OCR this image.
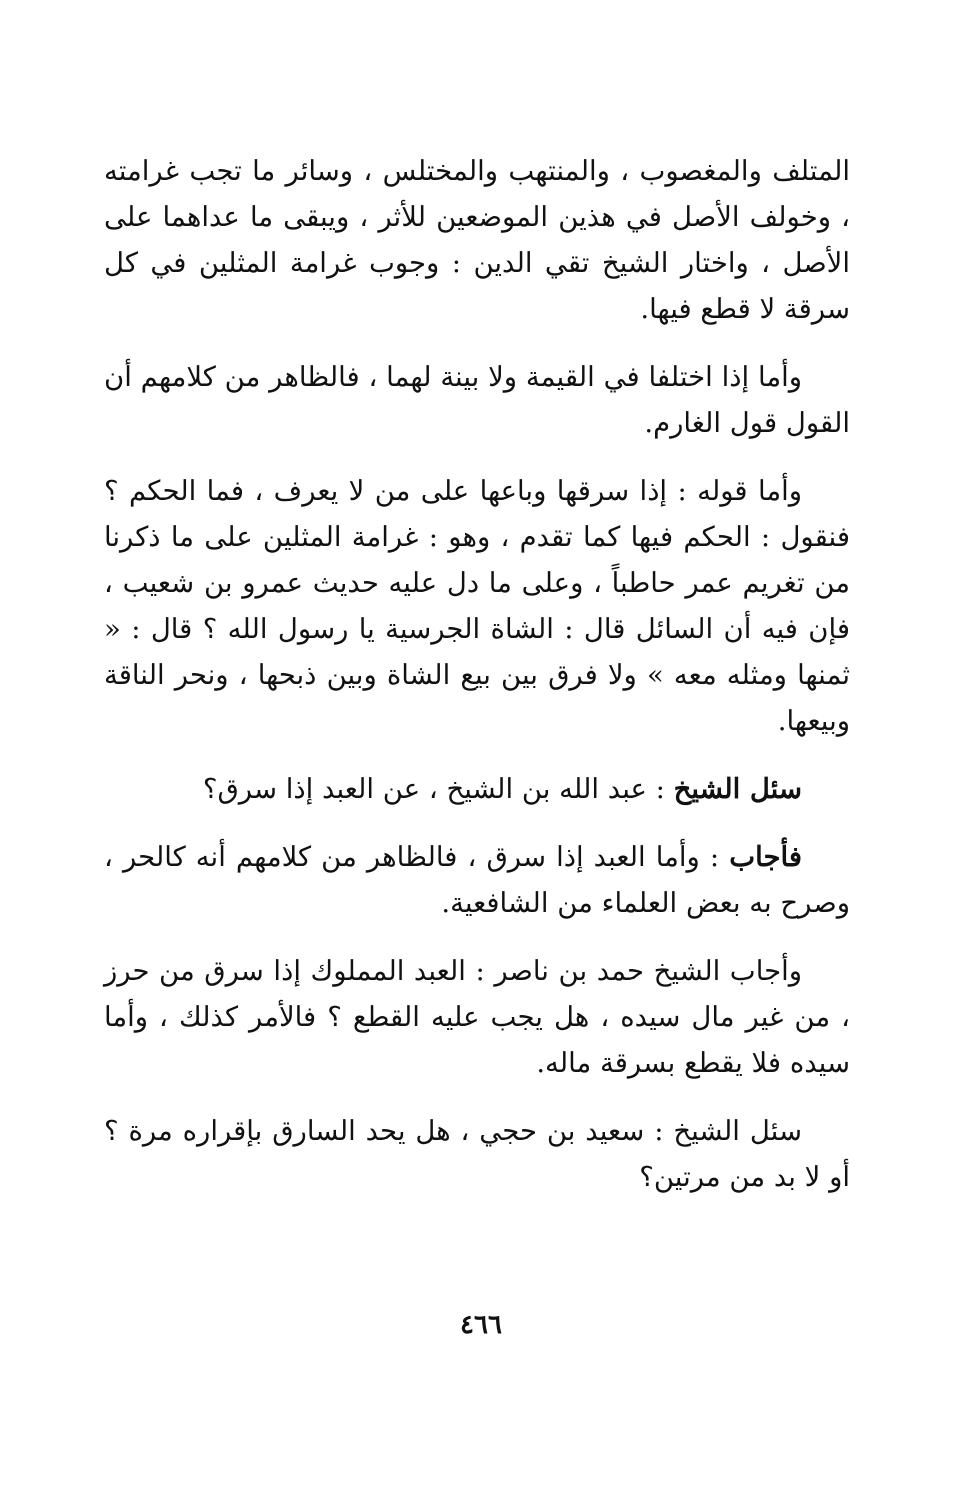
المتلف والمغصوب ، والمنتهب والمختلس ، وسائر ما تجب غرامته ، وخولف الأصل في هذين الموضعين للأثر ، ويبقى ما عداهما على الأصل ، واختار الشيخ تقي الدين : وجوب غرامة المثلين في كل سرقة لا قطع فيها.

وأما إذا اختلفا في القيمة ولا بينة لهما ، فالظاهر من كلامهم أن القول قول الغارم.

وأما قوله : إذا سرقها وباعها على من لا يعرف ، فما الحكم ؟ فنقول : الحكم فيها كما تقدم ، وهو : غرامة المثلين على ما ذكرنا من تغريم عمر حاطباً ، وعلى ما دل عليه حديث عمرو بن شعيب ، فإن فيه أن السائل قال : الشاة الجرسية يا رسول الله ؟ قال : « ثمنها ومثله معه » ولا فرق بين بيع الشاة وبين ذبحها ، ونحر الناقة وبيعها.

سئل الشيخ : عبد الله بن الشيخ ، عن العبد إذا سرق؟

فأجاب : وأما العبد إذا سرق ، فالظاهر من كلامهم أنه كالحر ، وصرح به بعض العلماء من الشافعية.

وأجاب الشيخ حمد بن ناصر : العبد المملوك إذا سرق من حرز ، من غير مال سيده ، هل يجب عليه القطع ؟ فالأمر كذلك ، وأما سيده فلا يقطع بسرقة ماله.

سئل الشيخ : سعيد بن حجي ، هل يحد السارق بإقراره مرة ؟ أو لا بد من مرتين؟

٤٦٦
